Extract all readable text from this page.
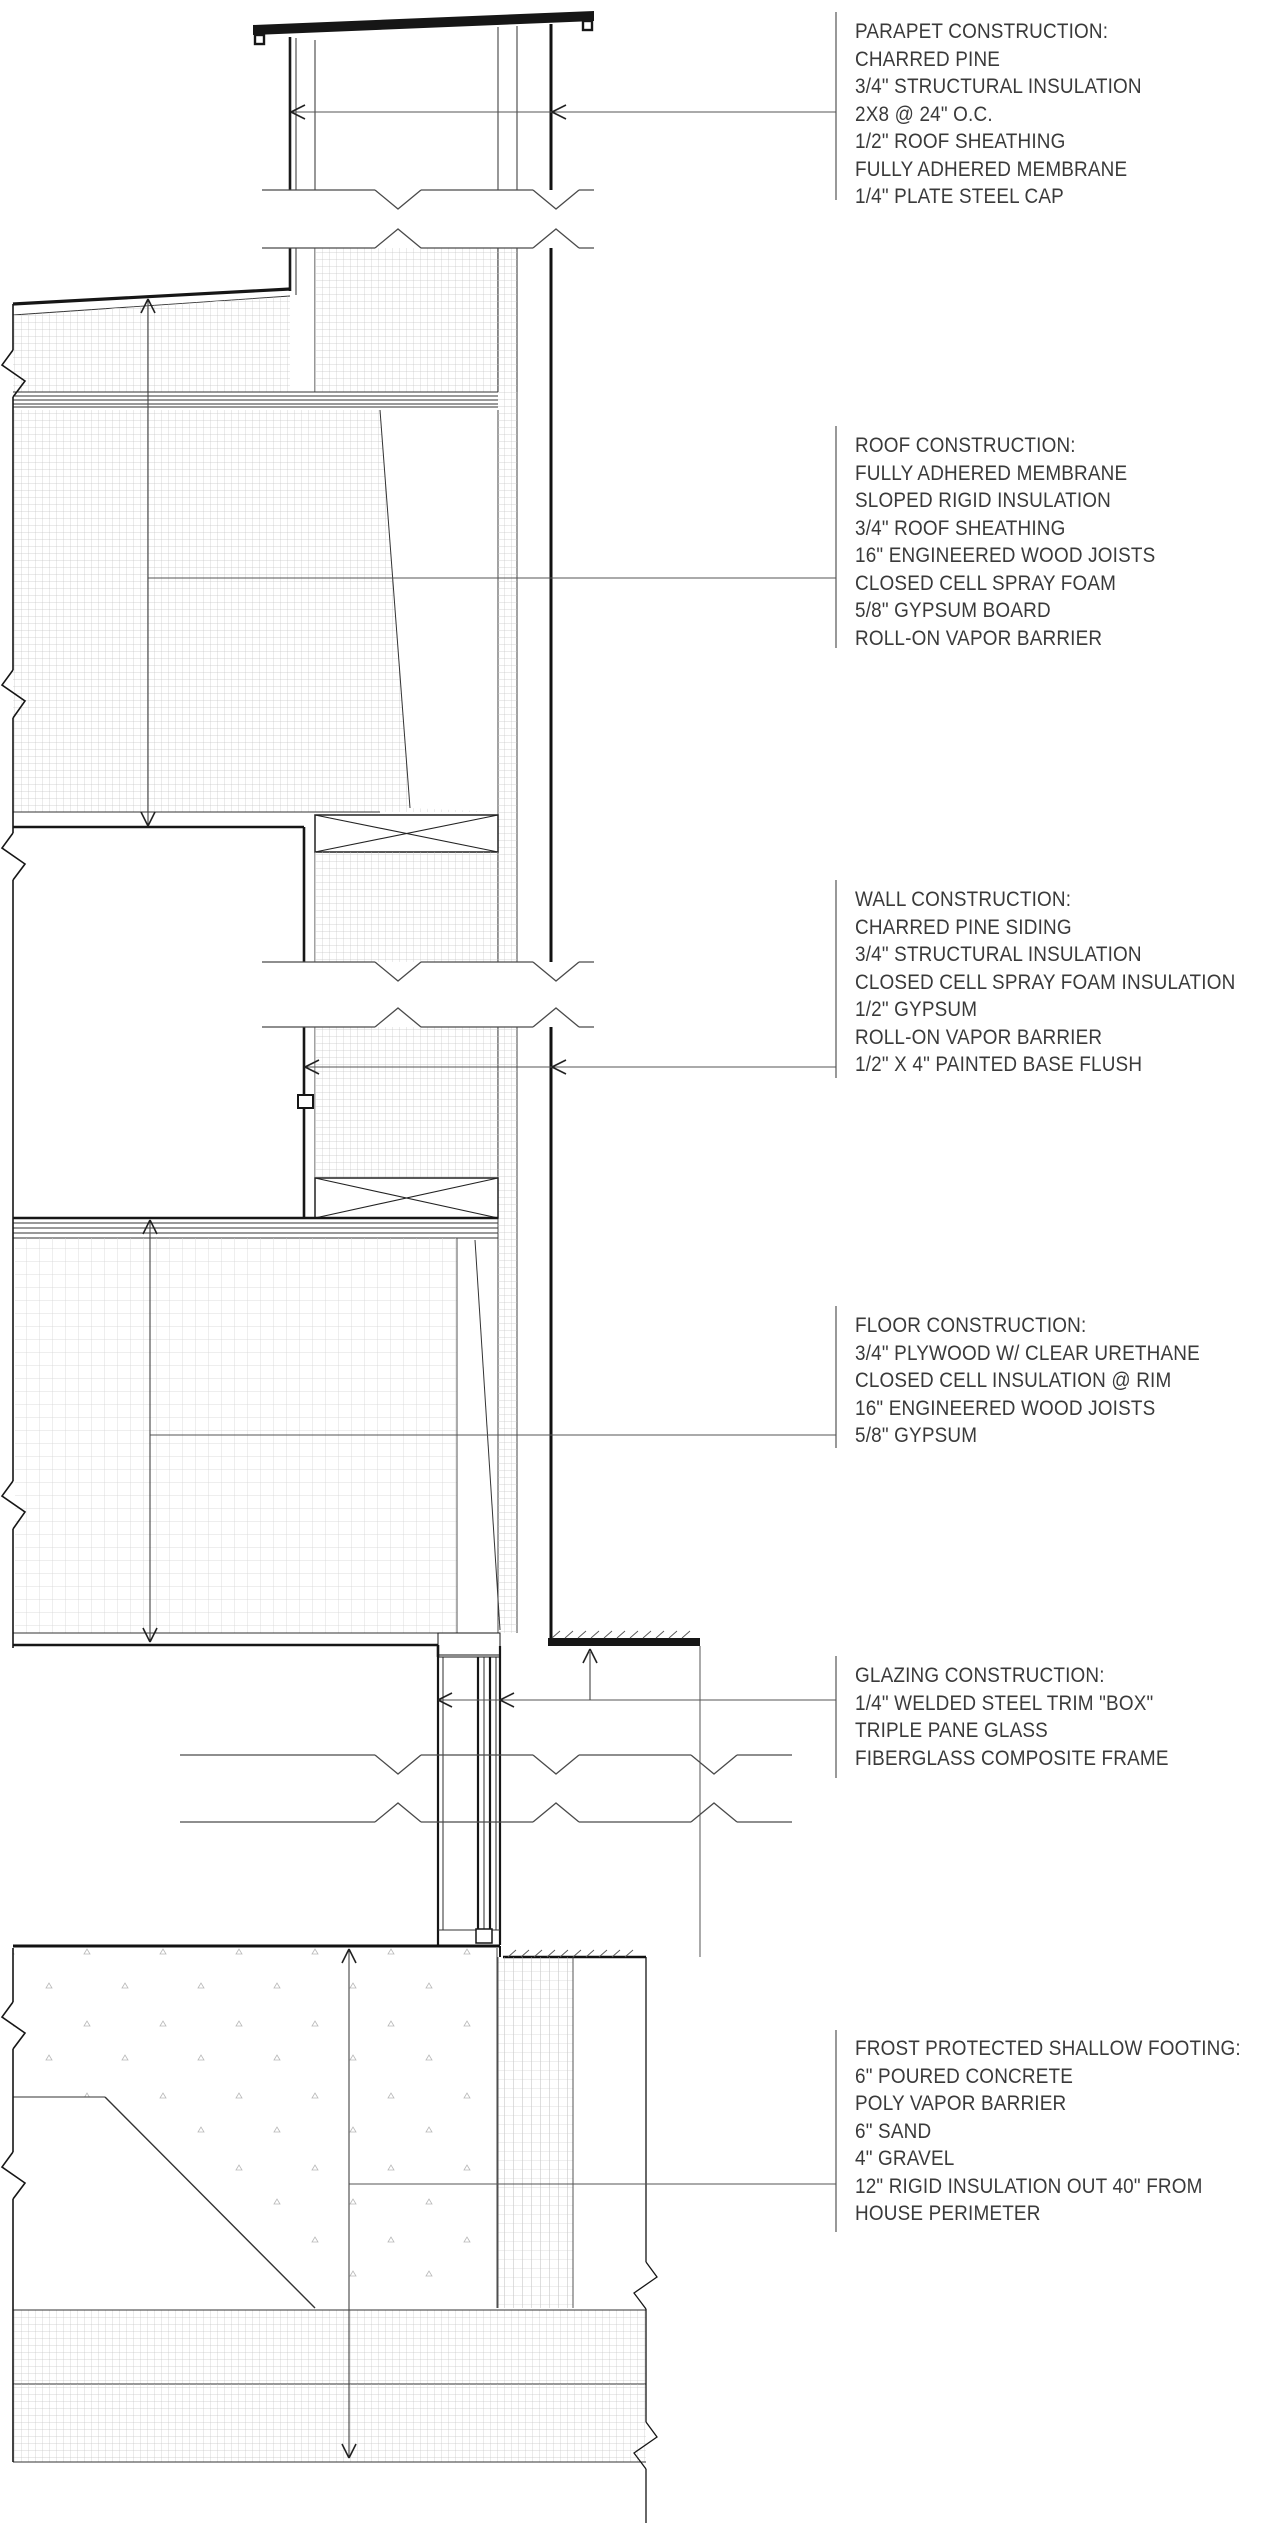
PARAPET CONSTRUCTION:
CHARRED PINE
3/4" STRUCTURAL INSULATION
2X8 @ 24" O.C.
1/2" ROOF SHEATHING
FULLY ADHERED MEMBRANE
1/4" PLATE STEEL CAP
ROOF CONSTRUCTION:
FULLY ADHERED MEMBRANE
SLOPED RIGID INSULATION
3/4" ROOF SHEATHING
16" ENGINEERED WOOD JOISTS
CLOSED CELL SPRAY FOAM
5/8" GYPSUM BOARD
ROLL-ON VAPOR BARRIER
WALL CONSTRUCTION:
CHARRED PINE SIDING
3/4" STRUCTURAL INSULATION
CLOSED CELL SPRAY FOAM INSULATION
1/2" GYPSUM
ROLL-ON VAPOR BARRIER
1/2" X 4" PAINTED BASE FLUSH
FLOOR CONSTRUCTION:
3/4" PLYWOOD W/ CLEAR URETHANE
CLOSED CELL INSULATION @ RIM
16" ENGINEERED WOOD JOISTS
5/8" GYPSUM
GLAZING CONSTRUCTION:
1/4" WELDED STEEL TRIM "BOX"
TRIPLE PANE GLASS
FIBERGLASS COMPOSITE FRAME
FROST PROTECTED SHALLOW FOOTING:
6" POURED CONCRETE
POLY VAPOR BARRIER
6" SAND
4" GRAVEL
12" RIGID INSULATION OUT 40" FROM
HOUSE PERIMETER
